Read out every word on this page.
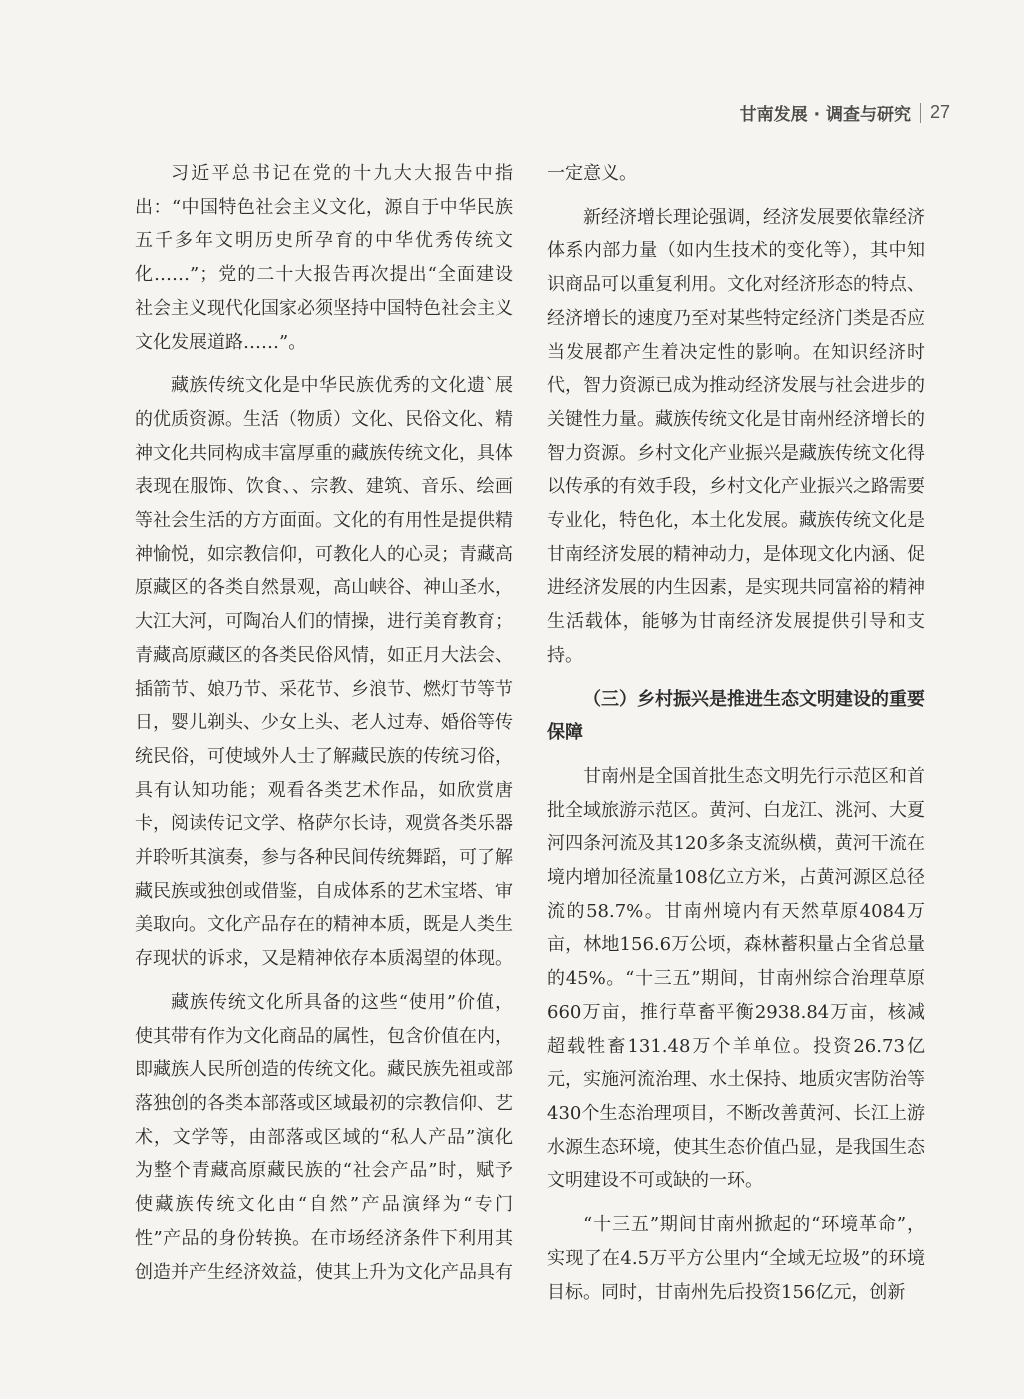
甘南发展 · 调查与研究 27

习近平总书记在党的十九大大报告中指出：“中国特色社会主义文化，源自于中华民族五千多年文明历史所孕育的中华优秀传统文化……”；党的二十大报告再次提出“全面建设社会主义现代化国家必须坚持中国特色社会主义文化发展道路……”。

藏族传统文化是中华民族优秀的文化遗`展的优质资源。生活（物质）文化、民俗文化、精神文化共同构成丰富厚重的藏族传统文化，具体表现在服饰、饮食、、宗教、建筑、音乐、绘画等社会生活的方方面面。文化的有用性是提供精神愉悦，如宗教信仰，可教化人的心灵；青藏高原藏区的各类自然景观，高山峡谷、神山圣水，大江大河，可陶冶人们的情操，进行美育教育；青藏高原藏区的各类民俗风情，如正月大法会、插箭节、娘乃节、采花节、乡浪节、燃灯节等节日，婴儿剃头、少女上头、老人过寿、婚俗等传统民俗，可使域外人士了解藏民族的传统习俗，具有认知功能；观看各类艺术作品，如欣赏唐卡，阅读传记文学、格萨尔长诗，观赏各类乐器并聆听其演奏，参与各种民间传统舞蹈，可了解藏民族或独创或借鉴，自成体系的艺术宝塔、审美取向。文化产品存在的精神本质，既是人类生存现状的诉求，又是精神依存本质渴望的体现。

藏族传统文化所具备的这些“使用”价值，使其带有作为文化商品的属性，包含价值在内，即藏族人民所创造的传统文化。藏民族先祖或部落独创的各类本部落或区域最初的宗教信仰、艺术，文学等，由部落或区域的“私人产品”演化为整个青藏高原藏民族的“社会产品”时，赋予使藏族传统文化由“自然”产品演绎为“专门性”产品的身份转换。在市场经济条件下利用其创造并产生经济效益，使其上升为文化产品具有

一定意义。

新经济增长理论强调，经济发展要依靠经济体系内部力量（如内生技术的变化等），其中知识商品可以重复利用。文化对经济形态的特点、经济增长的速度乃至对某些特定经济门类是否应当发展都产生着决定性的影响。在知识经济时代，智力资源已成为推动经济发展与社会进步的关键性力量。藏族传统文化是甘南州经济增长的智力资源。乡村文化产业振兴是藏族传统文化得以传承的有效手段，乡村文化产业振兴之路需要专业化，特色化，本土化发展。藏族传统文化是甘南经济发展的精神动力，是体现文化内涵、促进经济发展的内生因素，是实现共同富裕的精神生活载体，能够为甘南经济发展提供引导和支持。

（三）乡村振兴是推进生态文明建设的重要保障

甘南州是全国首批生态文明先行示范区和首批全域旅游示范区。黄河、白龙江、洮河、大夏河四条河流及其120多条支流纵横，黄河干流在境内增加径流量108亿立方米，占黄河源区总径流的58.7%。甘南州境内有天然草原4084万亩，林地156.6万公顷，森林蓄积量占全省总量的45%。“十三五”期间，甘南州综合治理草原660万亩，推行草畜平衡2938.84万亩，核减超载牲畜131.48万个羊单位。投资26.73亿元，实施河流治理、水土保持、地质灾害防治等430个生态治理项目，不断改善黄河、长江上游水源生态环境，使其生态价值凸显，是我国生态文明建设不可或缺的一环。

“十三五”期间甘南州掀起的“环境革命”，实现了在4.5万平方公里内“全域无垃圾”的环境目标。同时，甘南州先后投资156亿元，创新
